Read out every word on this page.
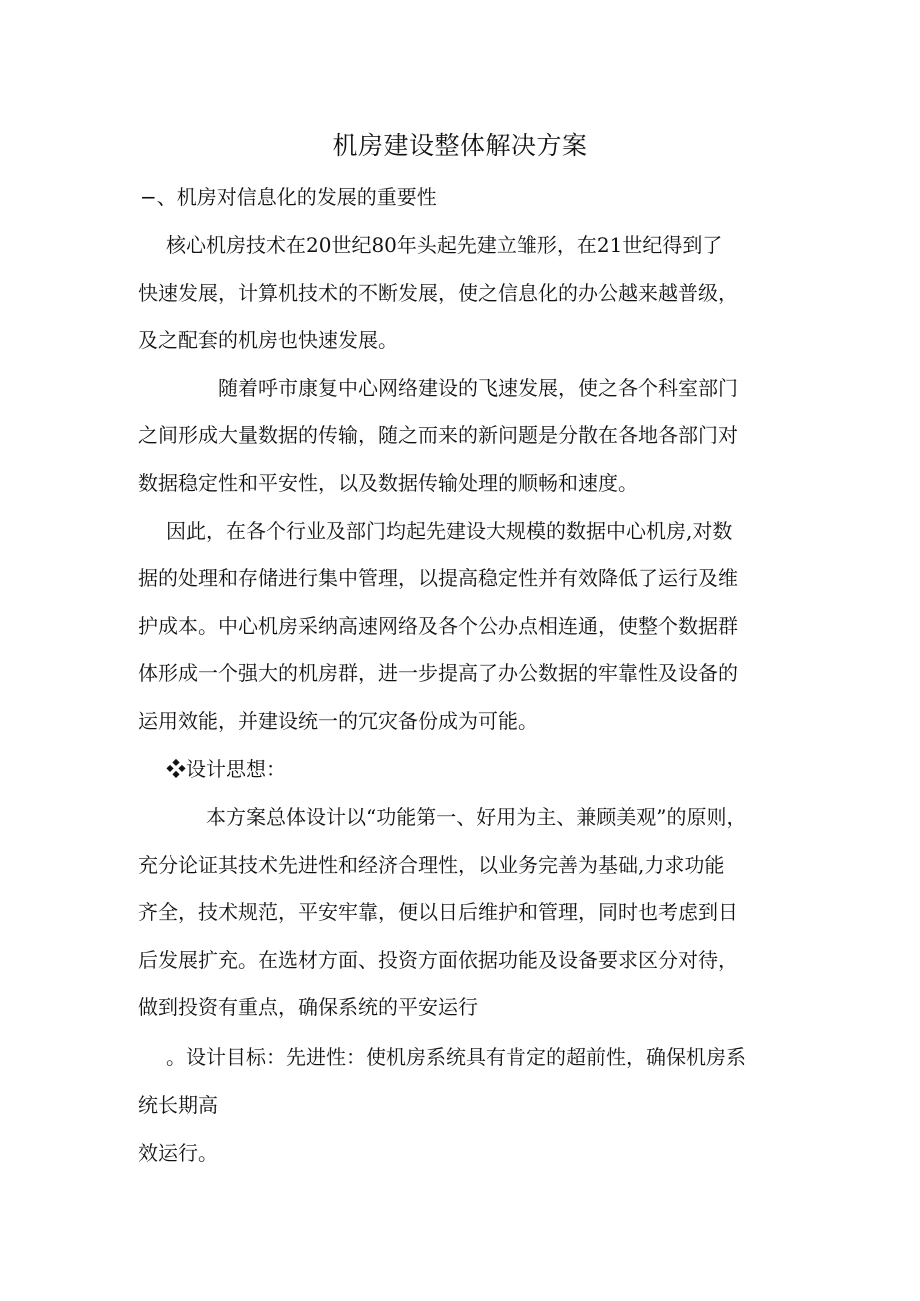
机房建设整体解决方案
−、机房对信息化的发展的重要性
核心机房技术在20世纪80年头起先建立雏形，在21世纪得到了
快速发展，计算机技术的不断发展，使之信息化的办公越来越普级，
及之配套的机房也快速发展。
随着呼市康复中心网络建设的飞速发展，使之各个科室部门
之间形成大量数据的传输，随之而来的新问题是分散在各地各部门对
数据稳定性和平安性，以及数据传输处理的顺畅和速度。
因此，在各个行业及部门均起先建设大规模的数据中心机房,对数
据的处理和存储进行集中管理，以提高稳定性并有效降低了运行及维
护成本。中心机房采纳高速网络及各个公办点相连通，使整个数据群
体形成一个强大的机房群，进一步提高了办公数据的牢靠性及设备的
运用效能，并建设统一的冗灾备份成为可能。
❖设计思想：
本方案总体设计以“功能第一、好用为主、兼顾美观”的原则，
充分论证其技术先进性和经济合理性，以业务完善为基础,力求功能
齐全，技术规范，平安牢靠，便以日后维护和管理，同时也考虑到日
后发展扩充。在选材方面、投资方面依据功能及设备要求区分对待，
做到投资有重点，确保系统的平安运行
。设计目标：先进性：使机房系统具有肯定的超前性，确保机房系
统长期高
效运行。
